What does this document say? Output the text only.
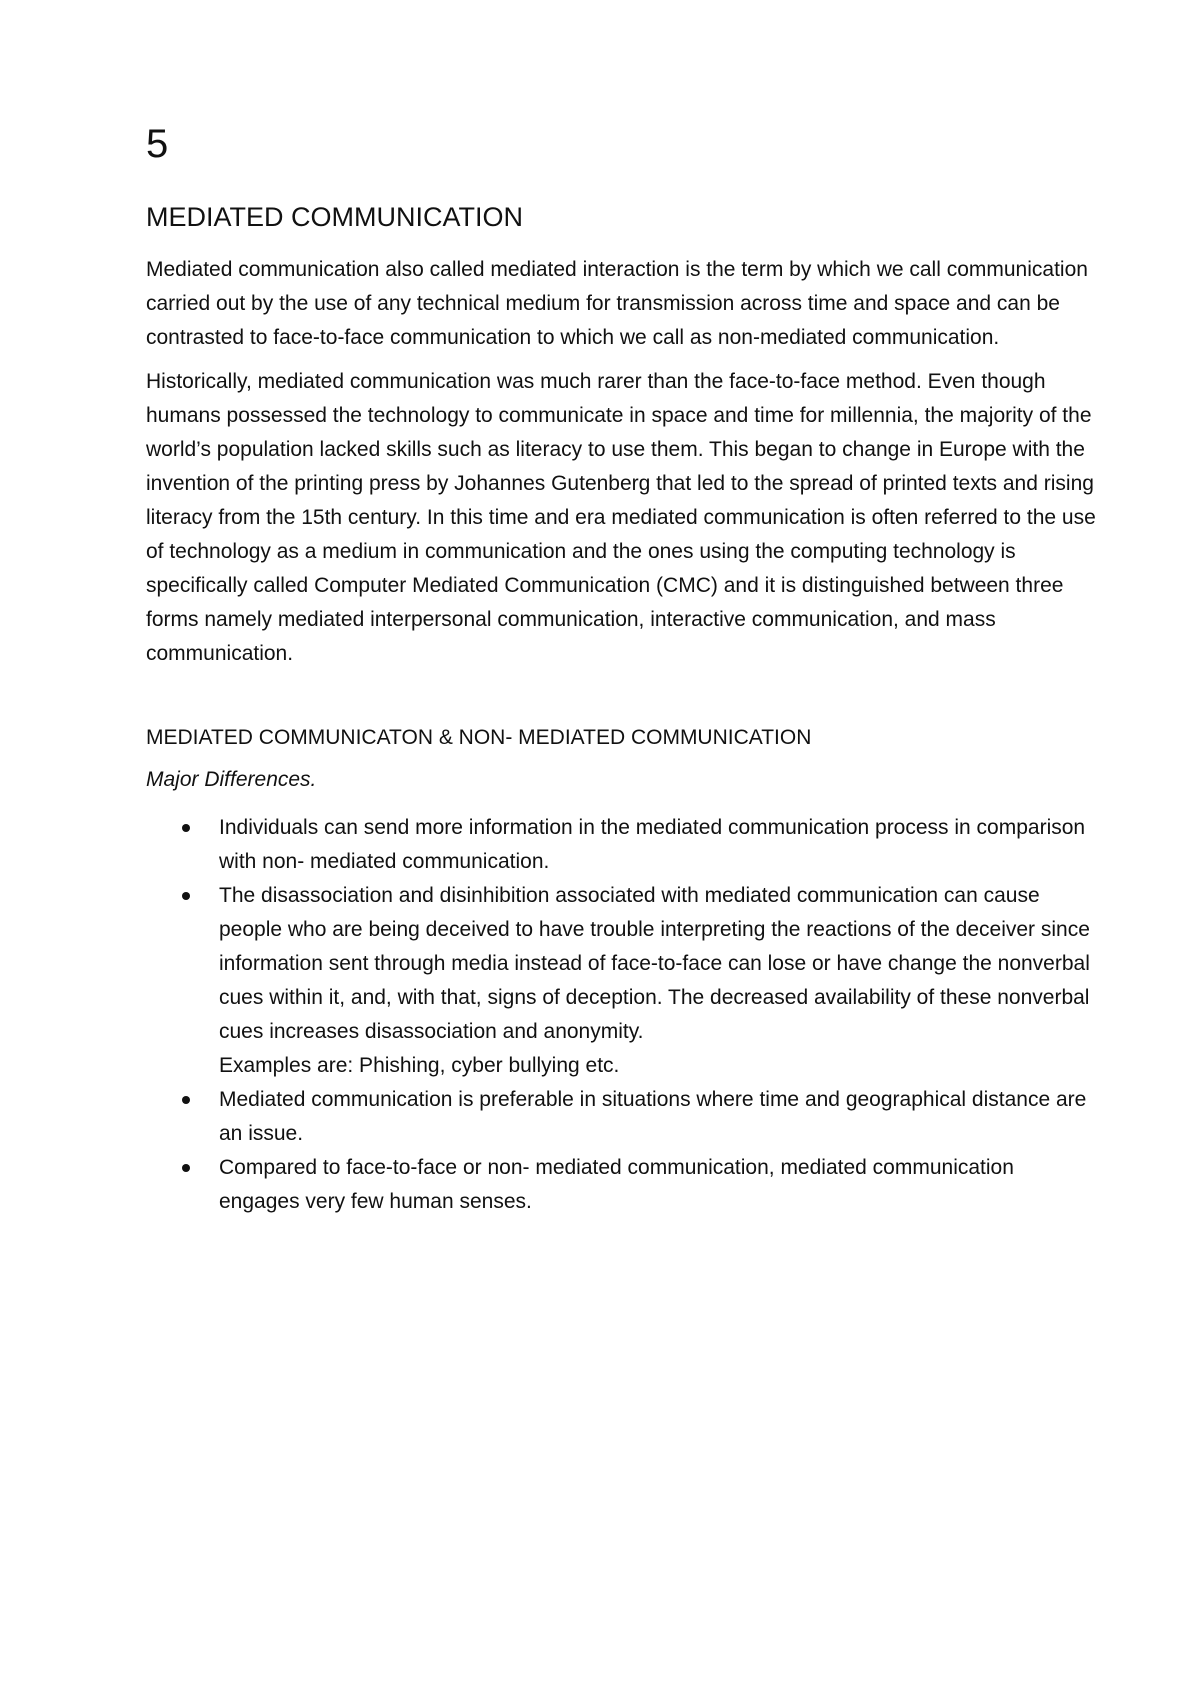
5
MEDIATED COMMUNICATION

Mediated communication also called mediated interaction is the term by which we call communication carried out by the use of any technical medium for transmission across time and space and can be contrasted to face-to-face communication to which we call as non-mediated communication.

Historically, mediated communication was much rarer than the face-to-face method. Even though humans possessed the technology to communicate in space and time for millennia, the majority of the world’s population lacked skills such as literacy to use them. This began to change in Europe with the invention of the printing press by Johannes Gutenberg that led to the spread of printed texts and rising literacy from the 15th century. In this time and era mediated communication is often referred to the use of technology as a medium in communication and the ones using the computing technology is specifically called Computer Mediated Communication (CMC) and it is distinguished between three forms namely mediated interpersonal communication, interactive communication, and mass communication.

MEDIATED COMMUNICATON & NON- MEDIATED COMMUNICATION
Major Differences.
Individuals can send more information in the mediated communication process in comparison with non- mediated communication.
The disassociation and disinhibition associated with mediated communication can cause people who are being deceived to have trouble interpreting the reactions of the deceiver since information sent through media instead of face-to-face can lose or have change the nonverbal cues within it, and, with that, signs of deception. The decreased availability of these nonverbal cues increases disassociation and anonymity.
Examples are: Phishing, cyber bullying etc.
Mediated communication is preferable in situations where time and geographical distance are an issue.
Compared to face-to-face or non- mediated communication, mediated communication engages very few human senses.
